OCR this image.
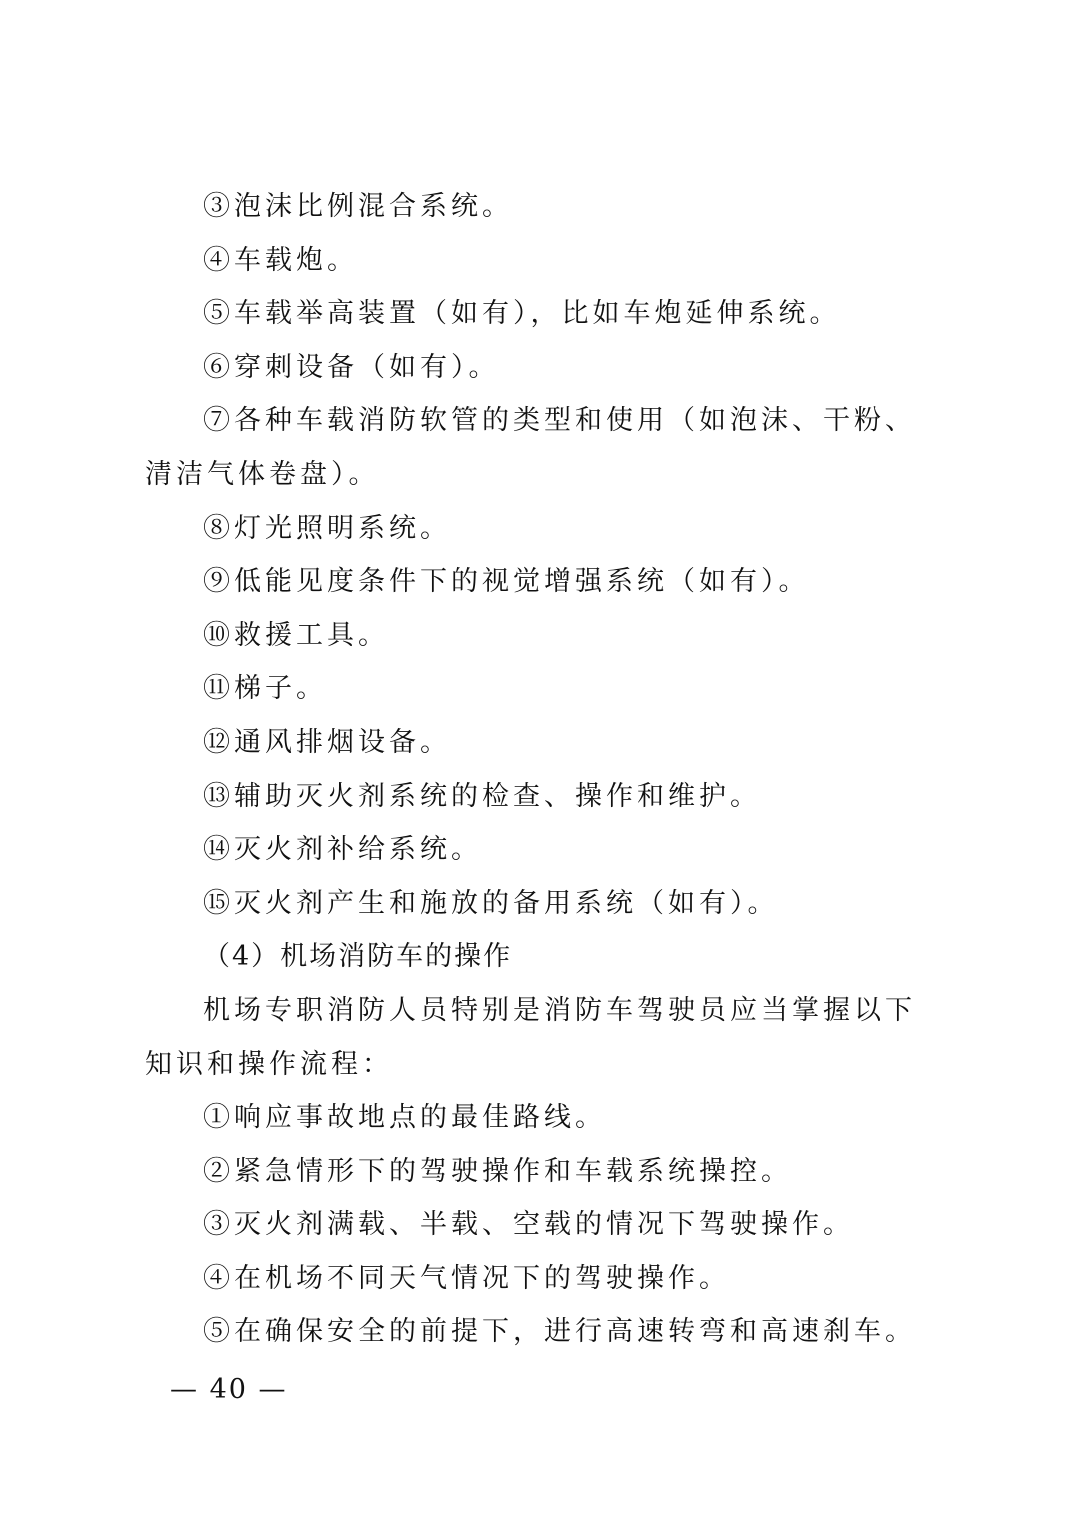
③泡沫比例混合系统。
④车载炮。
⑤车载举高装置（如有），比如车炮延伸系统。
⑥穿刺设备（如有）。
⑦各种车载消防软管的类型和使用（如泡沫、干粉、清洁气体卷盘）。
⑧灯光照明系统。
⑨低能见度条件下的视觉增强系统（如有）。
⑩救援工具。
⑪梯子。
⑫通风排烟设备。
⑬辅助灭火剂系统的检查、操作和维护。
⑭灭火剂补给系统。
⑮灭火剂产生和施放的备用系统（如有）。
（4）机场消防车的操作
机场专职消防人员特别是消防车驾驶员应当掌握以下知识和操作流程：
①响应事故地点的最佳路线。
②紧急情形下的驾驶操作和车载系统操控。
③灭火剂满载、半载、空载的情况下驾驶操作。
④在机场不同天气情况下的驾驶操作。
⑤在确保安全的前提下，进行高速转弯和高速刹车。
— 40 —
